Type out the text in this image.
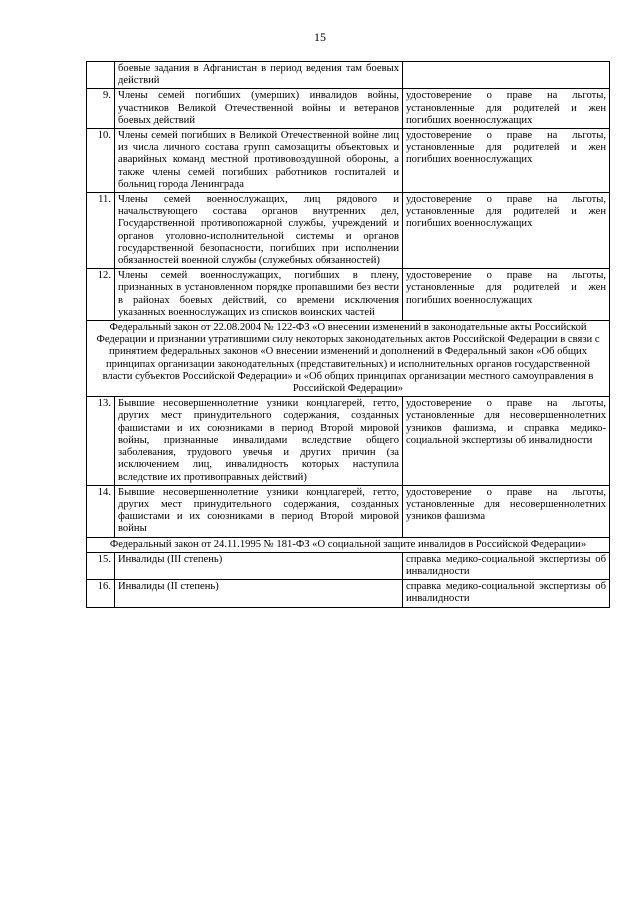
15
	боевые задания в Афганистан в период ведения там боевых действий	
9.	Члены семей погибших (умерших) инвалидов войны, участников Великой Отечественной войны и ветеранов боевых действий	удостоверение о праве на льготы, установленные для родителей и жен погибших военнослужащих
10.	Члены семей погибших в Великой Отечественной войне лиц из числа личного состава групп самозащиты объектовых и аварийных команд местной противовоздушной обороны, а также члены семей погибших работников госпиталей и больниц города Ленинграда	удостоверение о праве на льготы, установленные для родителей и жен погибших военнослужащих
11.	Члены семей военнослужащих, лиц рядового и начальствующего состава органов внутренних дел, Государственной противопожарной службы, учреждений и органов уголовно-исполнительной системы и органов государственной безопасности, погибших при исполнении обязанностей военной службы (служебных обязанностей)	удостоверение о праве на льготы, установленные для родителей и жен погибших военнослужащих
12.	Члены семей военнослужащих, погибших в плену, признанных в установленном порядке пропавшими без вести в районах боевых действий, со времени исключения указанных военнослужащих из списков воинских частей	удостоверение о праве на льготы, установленные для родителей и жен погибших военнослужащих
Федеральный закон от 22.08.2004 № 122-ФЗ «О внесении изменений в законодательные акты Российской Федерации и признании утратившими силу некоторых законодательных актов Российской Федерации в связи с принятием федеральных законов «О внесении изменений и дополнений в Федеральный закон «Об общих принципах организации законодательных (представительных) и исполнительных органов государственной власти субъектов Российской Федерации» и «Об общих принципах организации местного самоуправления в Российской Федерации»		
13.	Бывшие несовершеннолетние узники концлагерей, гетто, других мест принудительного содержания, созданных фашистами и их союзниками в период Второй мировой войны, признанные инвалидами вследствие общего заболевания, трудового увечья и других причин (за исключением лиц, инвалидность которых наступила вследствие их противоправных действий)	удостоверение о праве на льготы, установленные для несовершеннолетних узников фашизма, и справка медико-социальной экспертизы об инвалидности
14.	Бывшие несовершеннолетние узники концлагерей, гетто, других мест принудительного содержания, созданных фашистами и их союзниками в период Второй мировой войны	удостоверение о праве на льготы, установленные для несовершеннолетних узников фашизма
Федеральный закон от 24.11.1995 № 181-ФЗ «О социальной защите инвалидов в Российской Федерации»		
15.	Инвалиды (III степень)	справка медико-социальной экспертизы об инвалидности
16.	Инвалиды (II степень)	справка медико-социальной экспертизы об инвалидности
